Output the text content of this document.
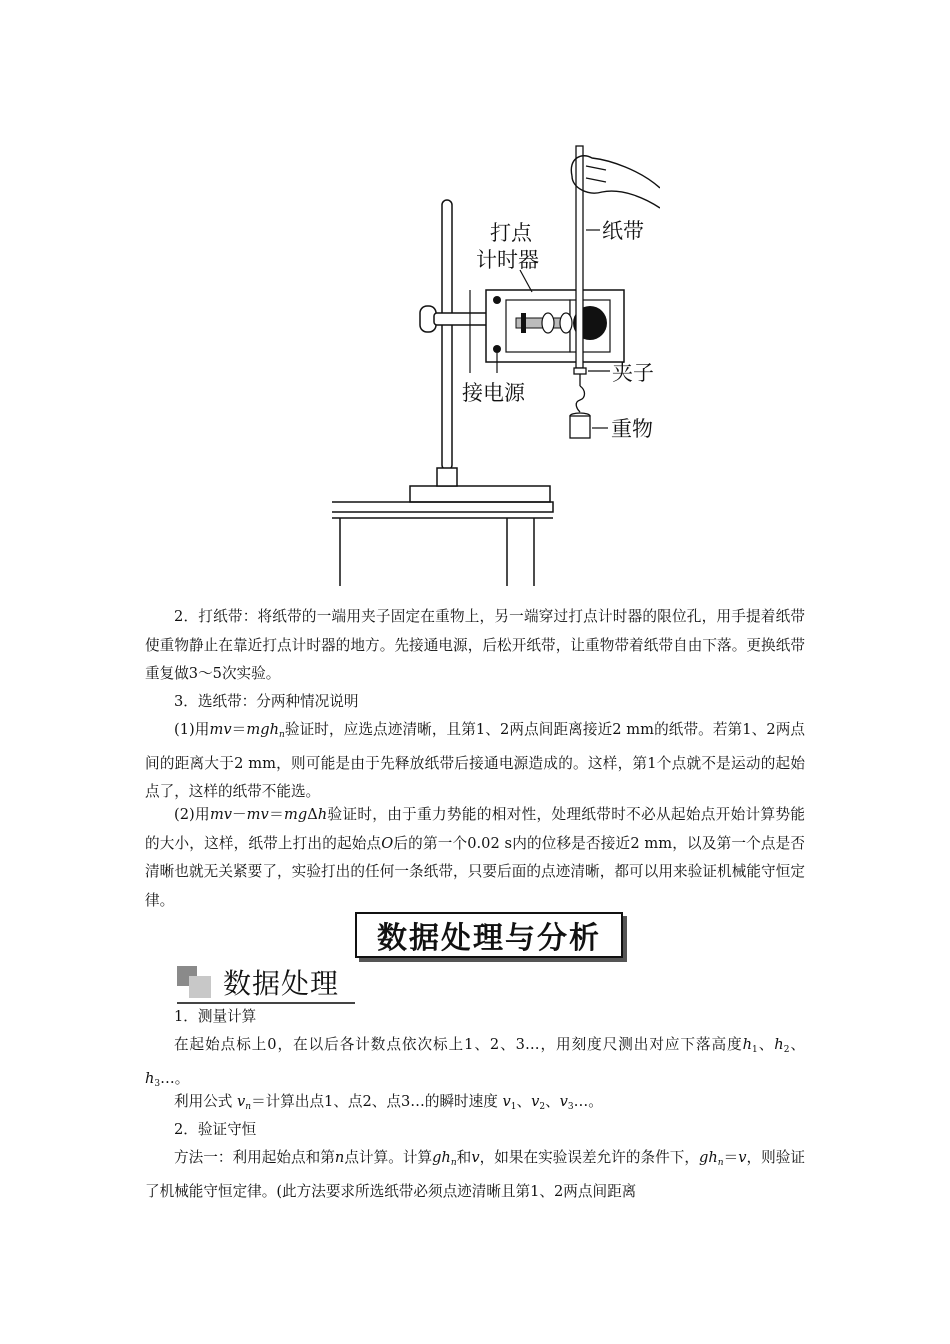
打点
计时器
纸带
接电源
夹子
重物

2．打纸带：将纸带的一端用夹子固定在重物上，另一端穿过打点计时器的限位孔，用手提着纸带使重物静止在靠近打点计时器的地方。先接通电源，后松开纸带，让重物带着纸带自由下落。更换纸带重复做3～5次实验。

3．选纸带：分两种情况说明

(1)用mv＝mgh$_n$验证时，应选点迹清晰，且第1、2两点间距离接近2 mm的纸带。若第1、2两点间的距离大于2 mm，则可能是由于先释放纸带后接通电源造成的。这样，第1个点就不是运动的起始点了，这样的纸带不能选。

(2)用mv－mv＝mgΔh验证时，由于重力势能的相对性，处理纸带时不必从起始点开始计算势能的大小，这样，纸带上打出的起始点O后的第一个0.02 s内的位移是否接近2 mm，以及第一个点是否清晰也就无关紧要了，实验打出的任何一条纸带，只要后面的点迹清晰，都可以用来验证机械能守恒定律。

数据处理与分析
数据处理

1．测量计算

在起始点标上0，在以后各计数点依次标上1、2、3…，用刻度尺测出对应下落高度$h_1$、$h_2$、$h_3\dots$。

利用公式 $v_n=$计算出点1、点2、点3…的瞬时速度 $v_1$、$v_2$、$v_3\dots$。

2．验证守恒

方法一：利用起始点和第n点计算。计算$gh_n$和v，如果在实验误差允许的条件下，$gh_n=v$，则验证了机械能守恒定律。(此方法要求所选纸带必须点迹清晰且第1、2两点间距离
